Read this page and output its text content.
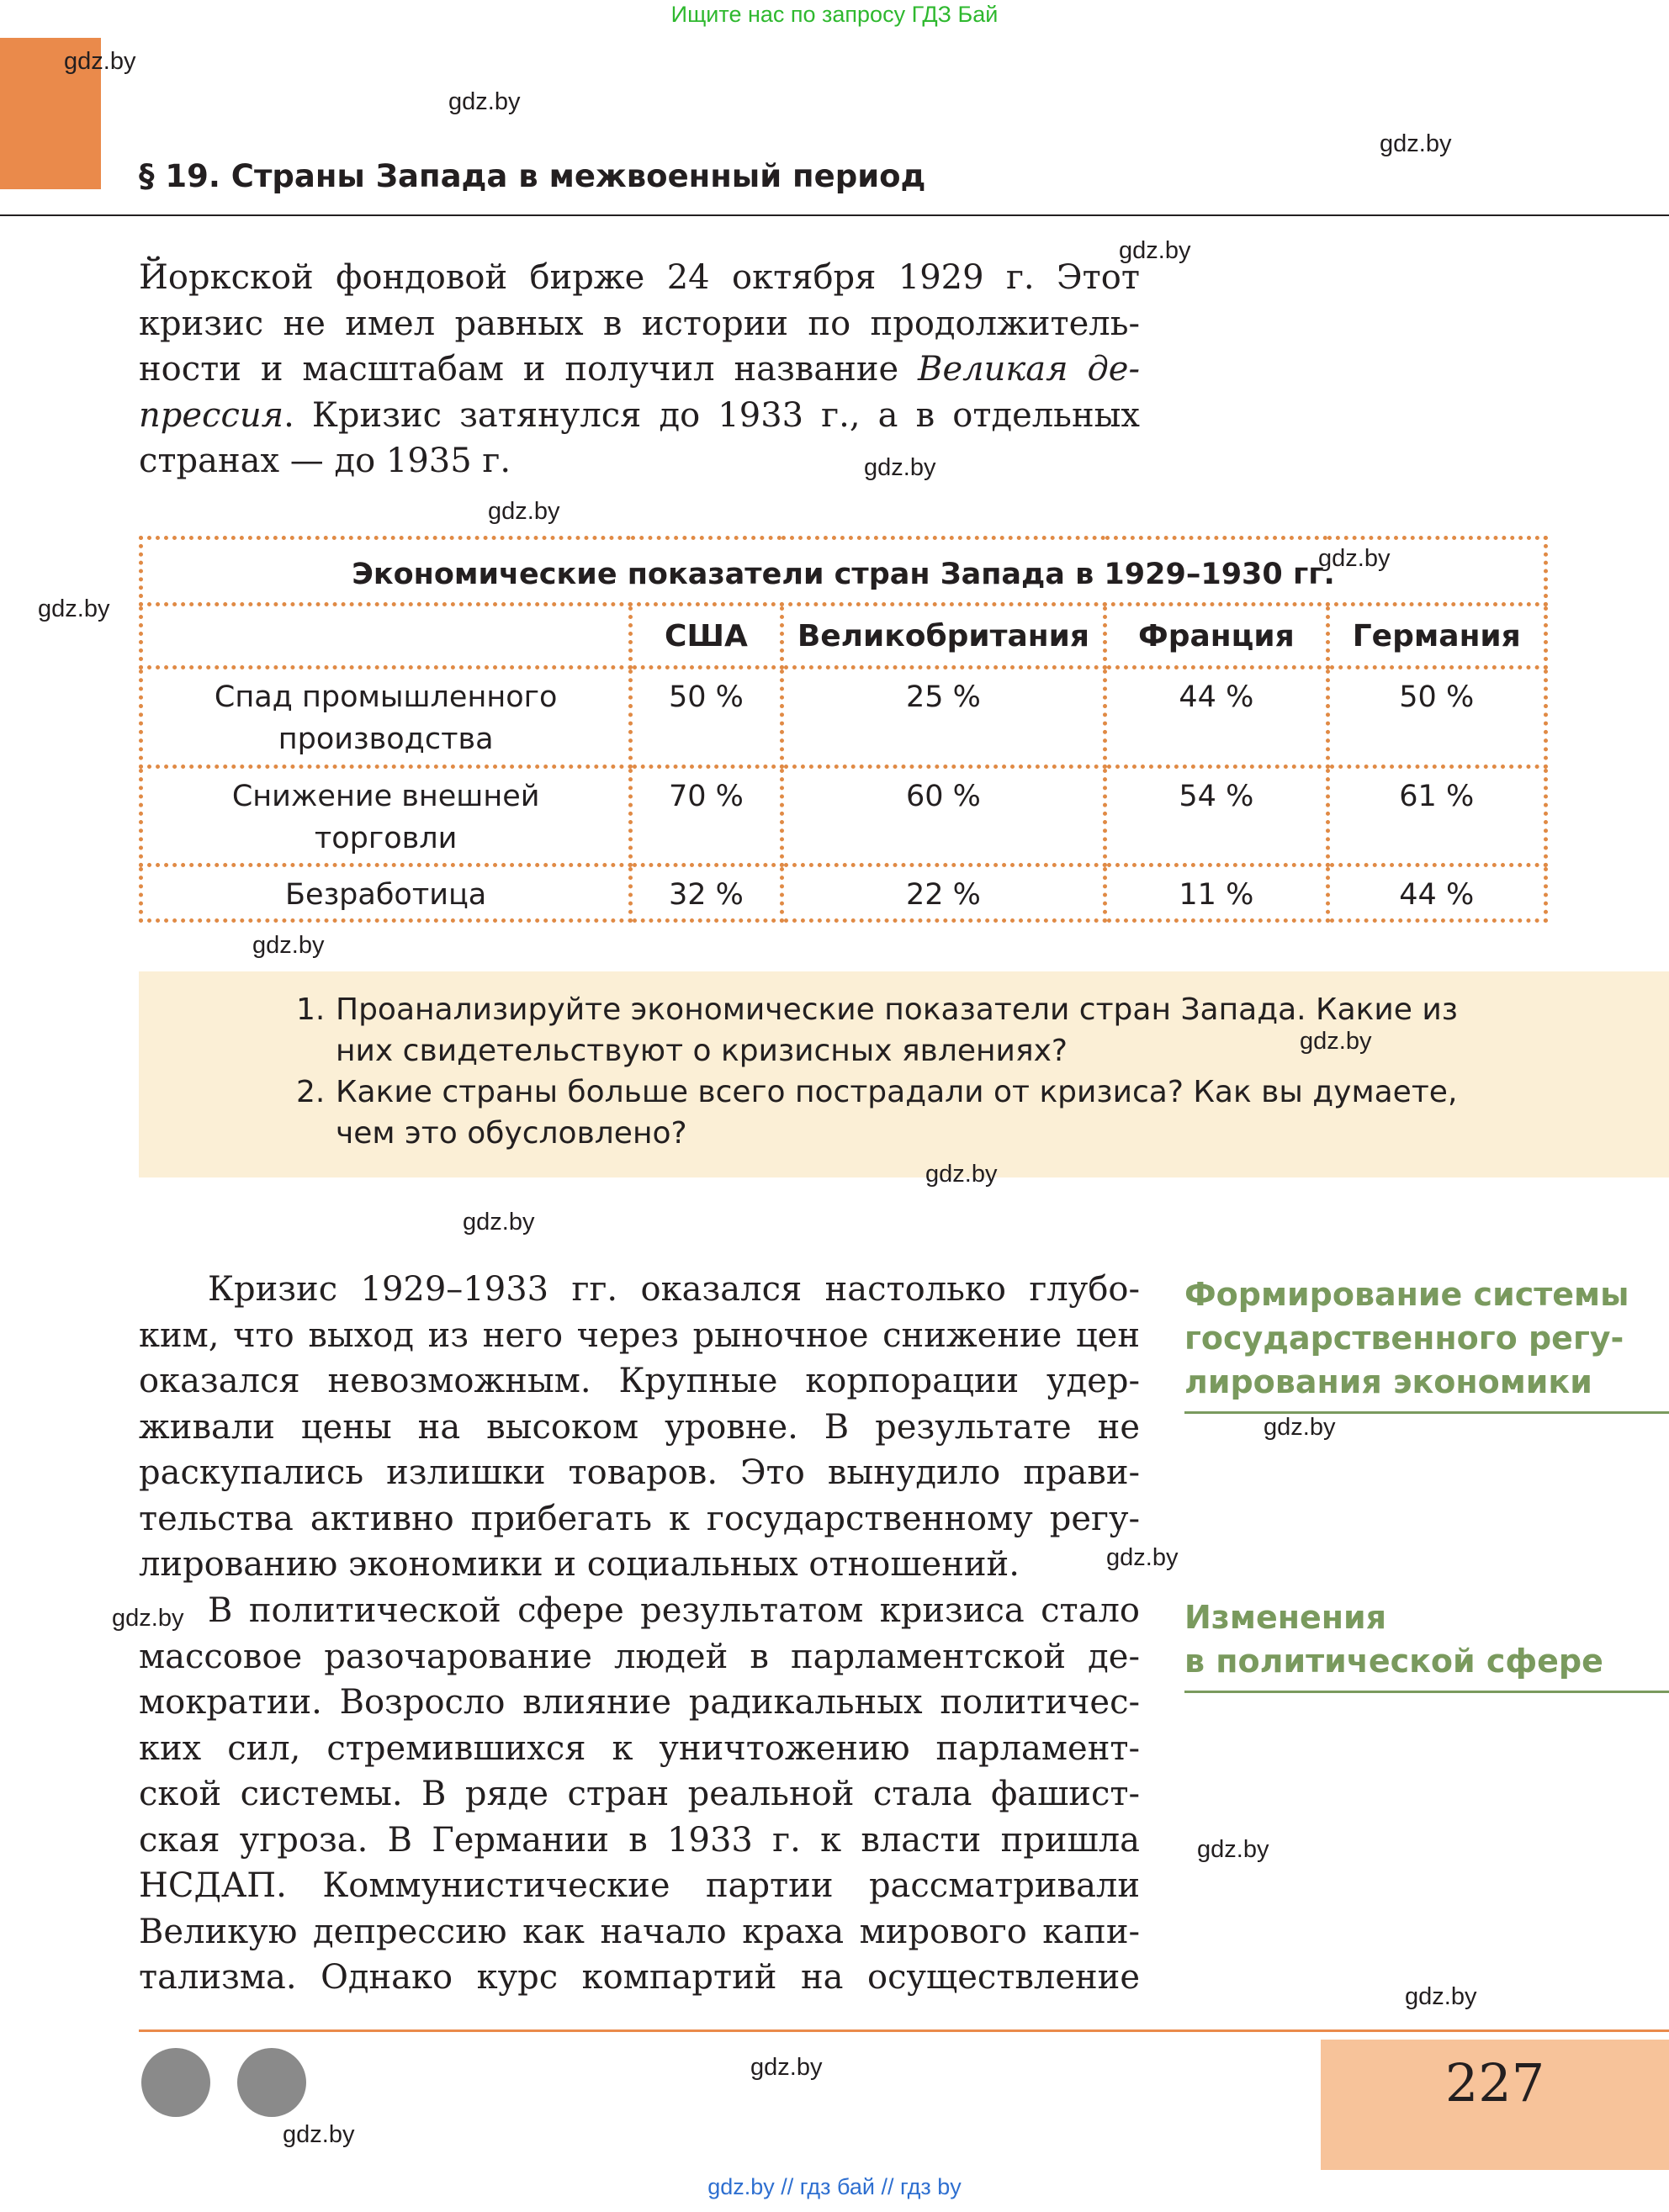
Ищите нас по запросу ГДЗ Бай
gdz.by
gdz.by
gdz.by
§ 19. Страны Запада в межвоенный период
gdz.by
Йоркской фондовой бирже 24 октября 1929 г. Этот
кризис не имел равных в истории по продолжитель-
ности и масштабам и получил название Великая де-
прессия. Кризис затянулся до 1933 г., а в отдельных
странах — до 1935 г.	gdz.by
gdz.by
Экономические показатели стран Запада в 1929–1930 гг.				
	США	Великобритания	Франция	Германия

Спад промышленного
производства	50 %	25 %	44 %	50 %

Снижение внешней
торговли	70 %	60 %	54 %	61 %

Безработица	32 %	22 %	11 %	44 %
gdz.by
gdz.by
gdz.by
1. Проанализируйте экономические показатели стран Запада. Какие из
них свидетельствуют о кризисных явлениях?
2. Какие страны больше всего пострадали от кризиса? Как вы думаете,
чем это обусловлено?
gdz.by
gdz.by
gdz.by
Кризис 1929–1933 гг. оказался настолько глубо-
ким, что выход из него через рыночное снижение цен
оказался невозможным. Крупные корпорации удер-
живали цены на высоком уровне. В результате не
раскупались излишки товаров. Это вынудило прави-
тельства активно прибегать к государственному регу-
лированию экономики и социальных отношений.
Формирование системы
государственного регу-
лирования экономики
gdz.by
gdz.by
gdz.by В политической сфере результатом кризиса стало
массовое разочарование людей в парламентской де-
мократии. Возросло влияние радикальных политичес-
ких сил, стремившихся к уничтожению парламент-
ской системы. В ряде стран реальной стала фашист-
ская угроза. В Германии в 1933 г. к власти пришла
НСДАП. Коммунистические партии рассматривали
Великую депрессию как начало краха мирового капи-
тализма. Однако курс компартий на осуществление
Изменения
в политической сфере
gdz.by
gdz.by
gdz.by
gdz.by
227
gdz.by // гдз бай // гдз by
